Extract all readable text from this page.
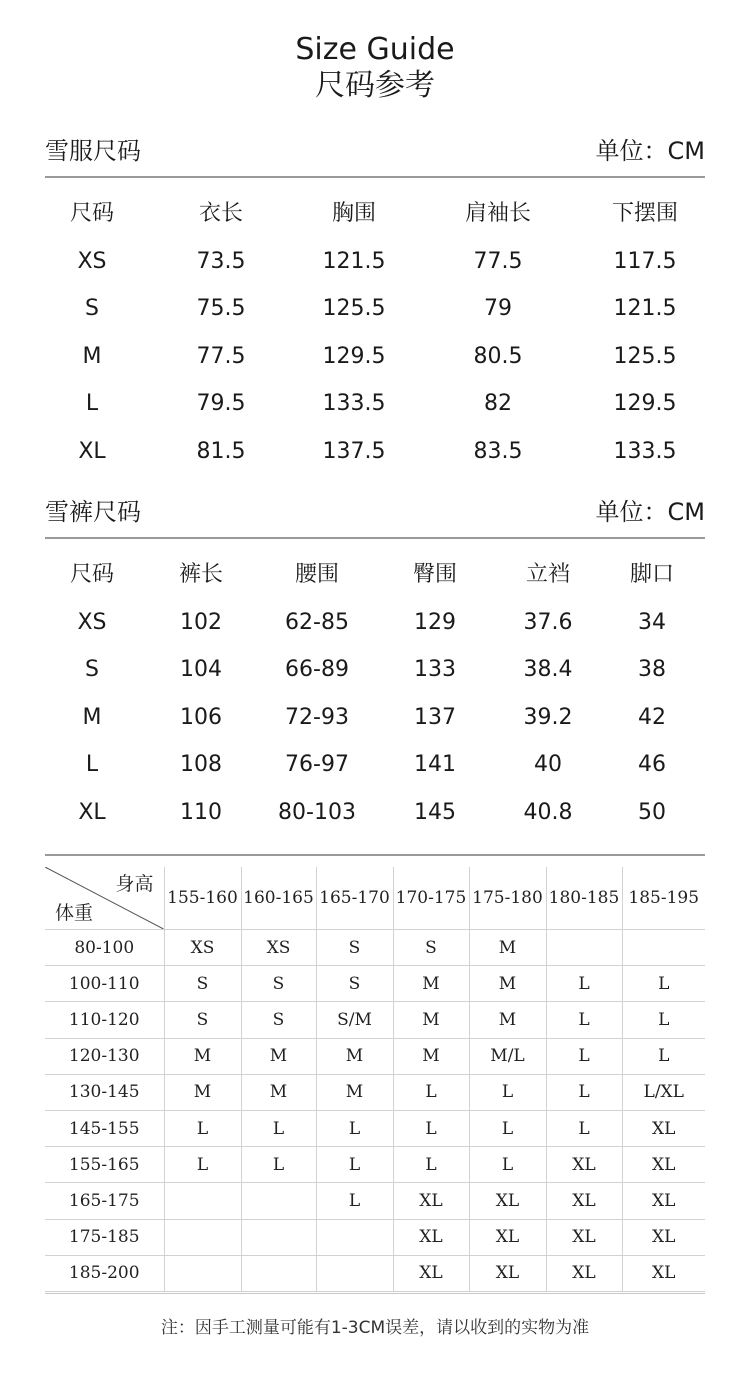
Size Guide
尺码参考
雪服尺码	单位：CM
尺码	衣长	胸围	肩袖长	下摆围
XS	73.5	121.5	77.5	117.5
S	75.5	125.5	79	121.5
M	77.5	129.5	80.5	125.5
L	79.5	133.5	82	129.5
XL	81.5	137.5	83.5	133.5
雪裤尺码	单位：CM
尺码	裤长	腰围	臀围	立裆	脚口
XS	102	62-85	129	37.6	34
S	104	66-89	133	38.4	38
M	106	72-93	137	39.2	42
L	108	76-97	141	40	46
XL	110	80-103	145	40.8	50
身高
体重	155-160	160-165	165-170	170-175	175-180	180-185	185-195
80-100	XS	XS	S	S	M		
100-110	S	S	S	M	M	L	L
110-120	S	S	S/M	M	M	L	L
120-130	M	M	M	M	M/L	L	L
130-145	M	M	M	L	L	L	L/XL
145-155	L	L	L	L	L	L	XL
155-165	L	L	L	L	L	XL	XL
165-175			L	XL	XL	XL	XL
175-185				XL	XL	XL	XL
185-200				XL	XL	XL	XL
注：因手工测量可能有1-3CM误差，请以收到的实物为准
